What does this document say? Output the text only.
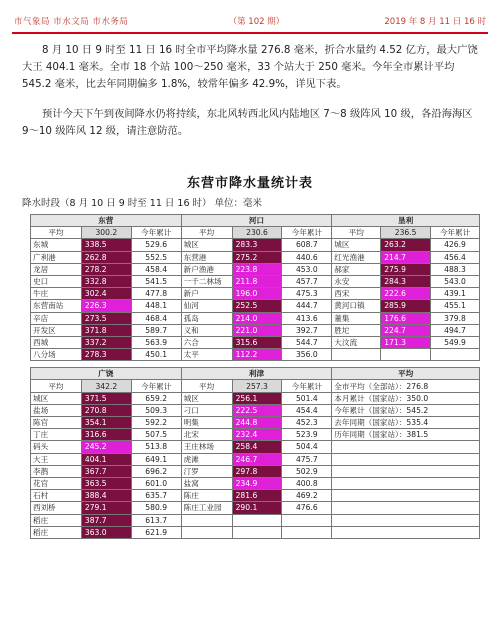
市气象局 市水文局 市水务局	（第 102 期）	2019 年 8 月 11 日 16 时
8 月 10 日 9 时至 11 日 16 时全市平均降水量 276.8 毫米，折合水量约 4.52 亿方，最大广饶大王 404.1 毫米。全市 18 个站 100～250 毫米，33 个站大于 250 毫米。今年全市累计平均 545.2 毫米，比去年同期偏多 1.8%，较常年偏多 42.9%，详见下表。
预计今天下午到夜间降水仍将持续，东北风转西北风内陆地区 7～8 级阵风 10 级，各沿海海区 9～10 级阵风 12 级，请注意防范。
东营市降水量统计表
降水时段（8 月 10 日 9 时至 11 日 16 时） 单位：毫米
东营			河口			垦利		
平均	300.2	今年累计	平均	230.6	今年累计	平均	236.5	今年累计
东城	338.5	529.6	城区	283.3	608.7	城区	263.2	426.9
广利港	262.8	552.5	东营港	275.2	440.6	红光渔港	214.7	456.4
龙居	278.2	458.4	新户渔港	223.8	453.0	郝家	275.9	488.3
史口	332.8	541.5	一千二林场	211.8	457.7	永安	284.3	543.0
牛庄	302.4	477.8	新户	196.0	475.3	西宋	222.6	439.1
东营南站	226.3	448.1	仙河	252.5	444.7	黄河口镇	285.9	455.1
辛店	273.5	468.4	孤岛	214.0	413.6	董集	176.6	379.8
开发区	371.8	589.7	义和	221.0	392.7	胜坨	224.7	494.7
西城	337.2	563.9	六合	315.6	544.7	大汶流	171.3	549.9
八分场	278.3	450.1	太平	112.2	356.0			

广饶			利津			平均		
平均	342.2	今年累计	平均	257.3	今年累计	全市平均（全部站）：276.8		
城区	371.5	659.2	城区	256.1	501.4	本月累计（国家站）：350.0		
盐场	270.8	509.3	刁口	222.5	454.4	今年累计（国家站）：545.2		
陈官	354.1	592.2	明集	244.8	452.3	去年同期（国家站）：535.4		
丁庄	316.6	507.5	北宋	232.4	523.9	历年同期（国家站）：381.5		
码头	245.2	513.8	王庄林场	258.4	504.4			
大王	404.1	649.1	虎滩	246.7	475.7			
李鹊	367.7	696.2	汀罗	297.8	502.9			
花官	363.5	601.0	盐窝	234.9	400.8			
石村	388.4	635.7	陈庄	281.6	469.2			
西刘桥	279.1	580.9	陈庄工业园	290.1	476.6			
稻庄	387.7	613.7						
稻庄	363.0	621.9						
